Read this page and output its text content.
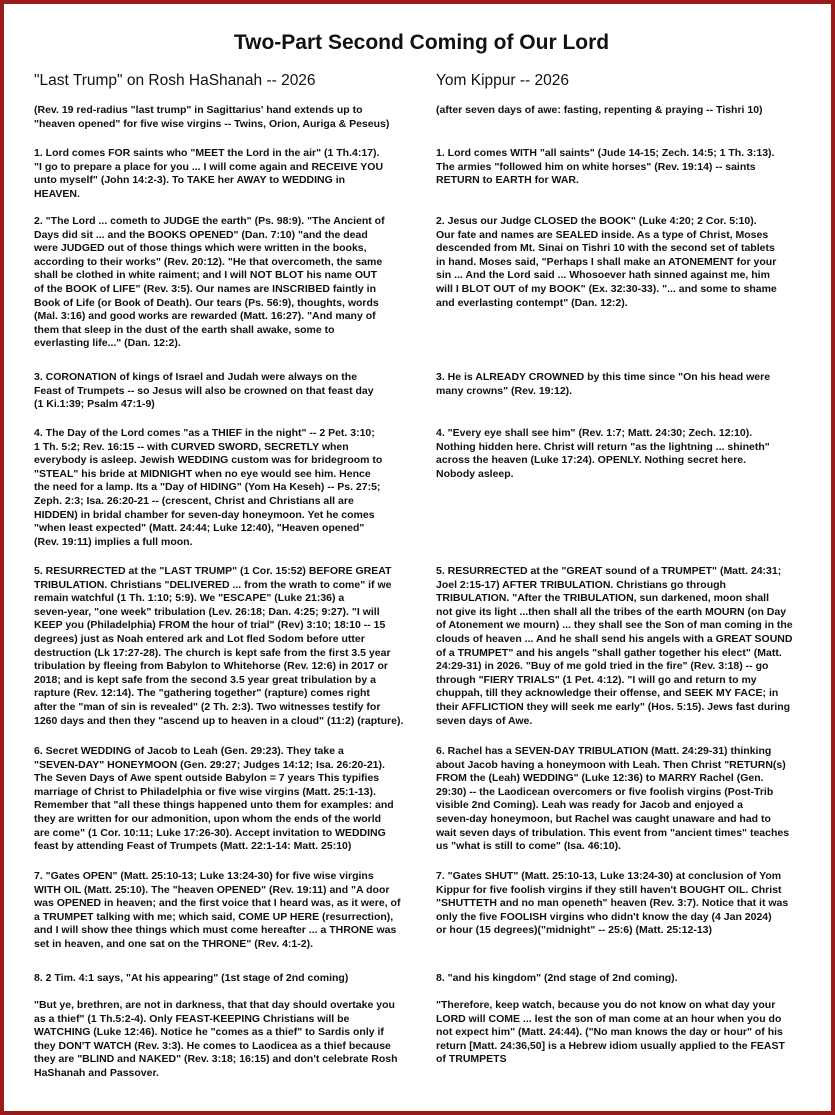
Two-Part Second Coming of Our Lord
"Last Trump" on Rosh HaShanah -- 2026	Yom Kippur -- 2026
(Rev. 19 red-radius "last trump" in Sagittarius' hand extends up to
"heaven opened" for five wise virgins -- Twins, Orion, Auriga & Peseus)
1. Lord comes FOR saints who "MEET the Lord in the air" (1 Th.4:17).
"I go to prepare a place for you ... I will come again and RECEIVE YOU
unto myself" (John 14:2-3). To TAKE her AWAY to WEDDING in
HEAVEN.
2. "The Lord ... cometh to JUDGE the earth" (Ps. 98:9). "The Ancient of
Days did sit ... and the BOOKS OPENED" (Dan. 7:10) "and the dead
were JUDGED out of those things which were written in the books,
according to their works" (Rev. 20:12). "He that overcometh, the same
shall be clothed in white raiment; and I will NOT BLOT his name OUT
of the BOOK of LIFE" (Rev. 3:5). Our names are INSCRIBED faintly in
Book of Life (or Book of Death). Our tears (Ps. 56:9), thoughts, words
(Mal. 3:16) and good works are rewarded (Matt. 16:27). "And many of
them that sleep in the dust of the earth shall awake, some to
everlasting life..." (Dan. 12:2).
3. CORONATION of kings of Israel and Judah were always on the
Feast of Trumpets -- so Jesus will also be crowned on that feast day
(1 Ki.1:39; Psalm 47:1-9)
4. The Day of the Lord comes "as a THIEF in the night" -- 2 Pet. 3:10;
1 Th. 5:2; Rev. 16:15 -- with CURVED SWORD, SECRETLY when
everybody is asleep. Jewish WEDDING custom was for bridegroom to
"STEAL" his bride at MIDNIGHT when no eye would see him. Hence
the need for a lamp. Its a "Day of HIDING" (Yom Ha Keseh) -- Ps. 27:5;
Zeph. 2:3; Isa. 26:20-21 -- (crescent, Christ and Christians all are
HIDDEN) in bridal chamber for seven-day honeymoon. Yet he comes
"when least expected" (Matt. 24:44; Luke 12:40), "Heaven opened"
(Rev. 19:11) implies a full moon.
5. RESURRECTED at the "LAST TRUMP" (1 Cor. 15:52) BEFORE GREAT
TRIBULATION. Christians "DELIVERED ... from the wrath to come" if we
remain watchful (1 Th. 1:10; 5:9). We "ESCAPE" (Luke 21:36) a
seven-year, "one week" tribulation (Lev. 26:18; Dan. 4:25; 9:27). "I will
KEEP you (Philadelphia) FROM the hour of trial" (Rev) 3:10; 18:10 -- 15
degrees) just as Noah entered ark and Lot fled Sodom before utter
destruction (Lk 17:27-28). The church is kept safe from the first 3.5 year
tribulation by fleeing from Babylon to Whitehorse (Rev. 12:6) in 2017 or
2018; and is kept safe from the second 3.5 year great tribulation by a
rapture (Rev. 12:14). The "gathering together" (rapture) comes right
after the "man of sin is revealed" (2 Th. 2:3). Two witnesses testify for
1260 days and then they "ascend up to heaven in a cloud" (11:2) (rapture).
6. Secret WEDDING of Jacob to Leah (Gen. 29:23). They take a
"SEVEN-DAY" HONEYMOON (Gen. 29:27; Judges 14:12; Isa. 26:20-21).
The Seven Days of Awe spent outside Babylon = 7 years This typifies
marriage of Christ to Philadelphia or five wise virgins (Matt. 25:1-13).
Remember that "all these things happened unto them for examples: and
they are written for our admonition, upon whom the ends of the world
are come" (1 Cor. 10:11; Luke 17:26-30). Accept invitation to WEDDING
feast by attending Feast of Trumpets (Matt. 22:1-14: Matt. 25:10)
7. "Gates OPEN" (Matt. 25:10-13; Luke 13:24-30) for five wise virgins
WITH OIL (Matt. 25:10). The "heaven OPENED" (Rev. 19:11) and "A door
was OPENED in heaven; and the first voice that I heard was, as it were, of
a TRUMPET talking with me; which said, COME UP HERE (resurrection),
and I will show thee things which must come hereafter ... a THRONE was
set in heaven, and one sat on the THRONE" (Rev. 4:1-2).
8. 2 Tim. 4:1 says, "At his appearing" (1st stage of 2nd coming)
"But ye, brethren, are not in darkness, that that day should overtake you
as a thief" (1 Th.5:2-4). Only FEAST-KEEPING Christians will be
WATCHING (Luke 12:46). Notice he "comes as a thief" to Sardis only if
they DON'T WATCH (Rev. 3:3). He comes to Laodicea as a thief because
they are "BLIND and NAKED" (Rev. 3:18; 16:15) and don't celebrate Rosh
HaShanah and Passover.
(after seven days of awe: fasting, repenting & praying -- Tishri 10)
1. Lord comes WITH "all saints" (Jude 14-15; Zech. 14:5; 1 Th. 3:13).
The armies "followed him on white horses" (Rev. 19:14) -- saints
RETURN to EARTH for WAR.
2. Jesus our Judge CLOSED the BOOK" (Luke 4:20; 2 Cor. 5:10).
Our fate and names are SEALED inside. As a type of Christ, Moses
descended from Mt. Sinai on Tishri 10 with the second set of tablets
in hand. Moses said, "Perhaps I shall make an ATONEMENT for your
sin ... And the Lord said ... Whosoever hath sinned against me, him
will I BLOT OUT of my BOOK" (Ex. 32:30-33). "... and some to shame
and everlasting contempt" (Dan. 12:2).
3. He is ALREADY CROWNED by this time since "On his head were
many crowns" (Rev. 19:12).
4. "Every eye shall see him" (Rev. 1:7; Matt. 24:30; Zech. 12:10).
Nothing hidden here. Christ will return "as the lightning ... shineth"
across the heaven (Luke 17:24). OPENLY. Nothing secret here.
Nobody asleep.
5. RESURRECTED at the "GREAT sound of a TRUMPET" (Matt. 24:31;
Joel 2:15-17) AFTER TRIBULATION. Christians go through
TRIBULATION. "After the TRIBULATION, sun darkened, moon shall
not give its light ...then shall all the tribes of the earth MOURN (on Day
of Atonement we mourn) ... they shall see the Son of man coming in the
clouds of heaven ... And he shall send his angels with a GREAT SOUND
of a TRUMPET" and his angels "shall gather together his elect" (Matt.
24:29-31) in 2026. "Buy of me gold tried in the fire" (Rev. 3:18) -- go
through "FIERY TRIALS" (1 Pet. 4:12). "I will go and return to my
chuppah, till they acknowledge their offense, and SEEK MY FACE; in
their AFFLICTION they will seek me early" (Hos. 5:15). Jews fast during
seven days of Awe.
6. Rachel has a SEVEN-DAY TRIBULATION (Matt. 24:29-31) thinking
about Jacob having a honeymoon with Leah. Then Christ "RETURN(s)
FROM the (Leah) WEDDING" (Luke 12:36) to MARRY Rachel (Gen.
29:30) -- the Laodicean overcomers or five foolish virgins (Post-Trib
visible 2nd Coming). Leah was ready for Jacob and enjoyed a
seven-day honeymoon, but Rachel was caught unaware and had to
wait seven days of tribulation. This event from "ancient times" teaches
us "what is still to come" (Isa. 46:10).
7. "Gates SHUT" (Matt. 25:10-13, Luke 13:24-30) at conclusion of Yom
Kippur for five foolish virgins if they still haven't BOUGHT OIL. Christ
"SHUTTETH and no man openeth" heaven (Rev. 3:7). Notice that it was
only the five FOOLISH virgins who didn't know the day (4 Jan 2024)
or hour (15 degrees)("midnight" -- 25:6) (Matt. 25:12-13)
8. "and his kingdom" (2nd stage of 2nd coming).
"Therefore, keep watch, because you do not know on what day your
LORD will COME ... lest the son of man come at an hour when you do
not expect him" (Matt. 24:44). ("No man knows the day or hour" of his
return [Matt. 24:36,50] is a Hebrew idiom usually applied to the FEAST
of TRUMPETS
